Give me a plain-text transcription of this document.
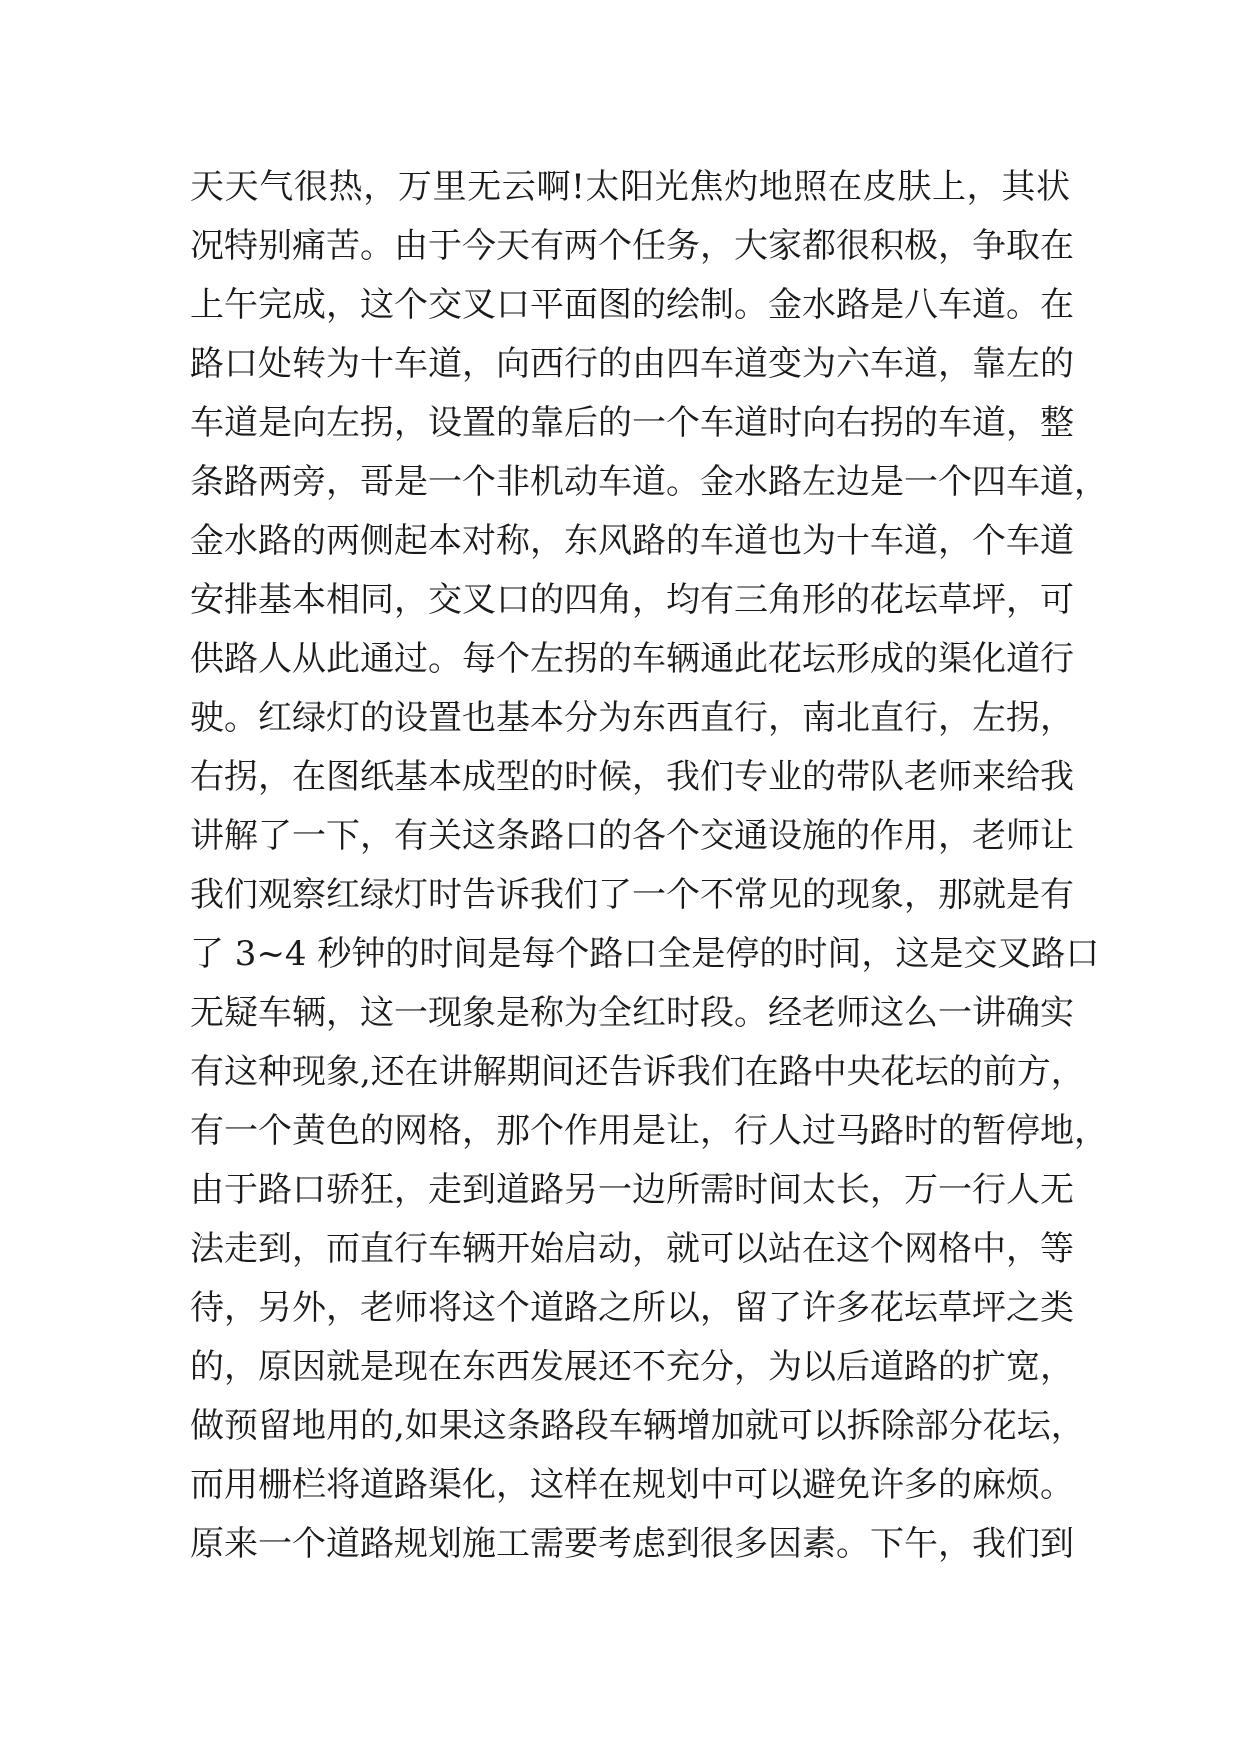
天天气很热，万里无云啊!太阳光焦灼地照在皮肤上，其状
况特别痛苦。由于今天有两个任务，大家都很积极，争取在
上午完成，这个交叉口平面图的绘制。金水路是八车道。在
路口处转为十车道，向西行的由四车道变为六车道，靠左的
车道是向左拐，设置的靠后的一个车道时向右拐的车道，整
条路两旁，哥是一个非机动车道。金水路左边是一个四车道，
金水路的两侧起本对称，东风路的车道也为十车道，个车道
安排基本相同，交叉口的四角，均有三角形的花坛草坪，可
供路人从此通过。每个左拐的车辆通此花坛形成的渠化道行
驶。红绿灯的设置也基本分为东西直行，南北直行，左拐，
右拐，在图纸基本成型的时候，我们专业的带队老师来给我
讲解了一下，有关这条路口的各个交通设施的作用，老师让
我们观察红绿灯时告诉我们了一个不常见的现象，那就是有
了 3~4 秒钟的时间是每个路口全是停的时间，这是交叉路口
无疑车辆，这一现象是称为全红时段。经老师这么一讲确实
有这种现象,还在讲解期间还告诉我们在路中央花坛的前方，
有一个黄色的网格，那个作用是让，行人过马路时的暂停地，
由于路口骄狂，走到道路另一边所需时间太长，万一行人无
法走到，而直行车辆开始启动，就可以站在这个网格中，等
待，另外，老师将这个道路之所以，留了许多花坛草坪之类
的，原因就是现在东西发展还不充分，为以后道路的扩宽，
做预留地用的,如果这条路段车辆增加就可以拆除部分花坛，
而用栅栏将道路渠化，这样在规划中可以避免许多的麻烦。
原来一个道路规划施工需要考虑到很多因素。下午，我们到
